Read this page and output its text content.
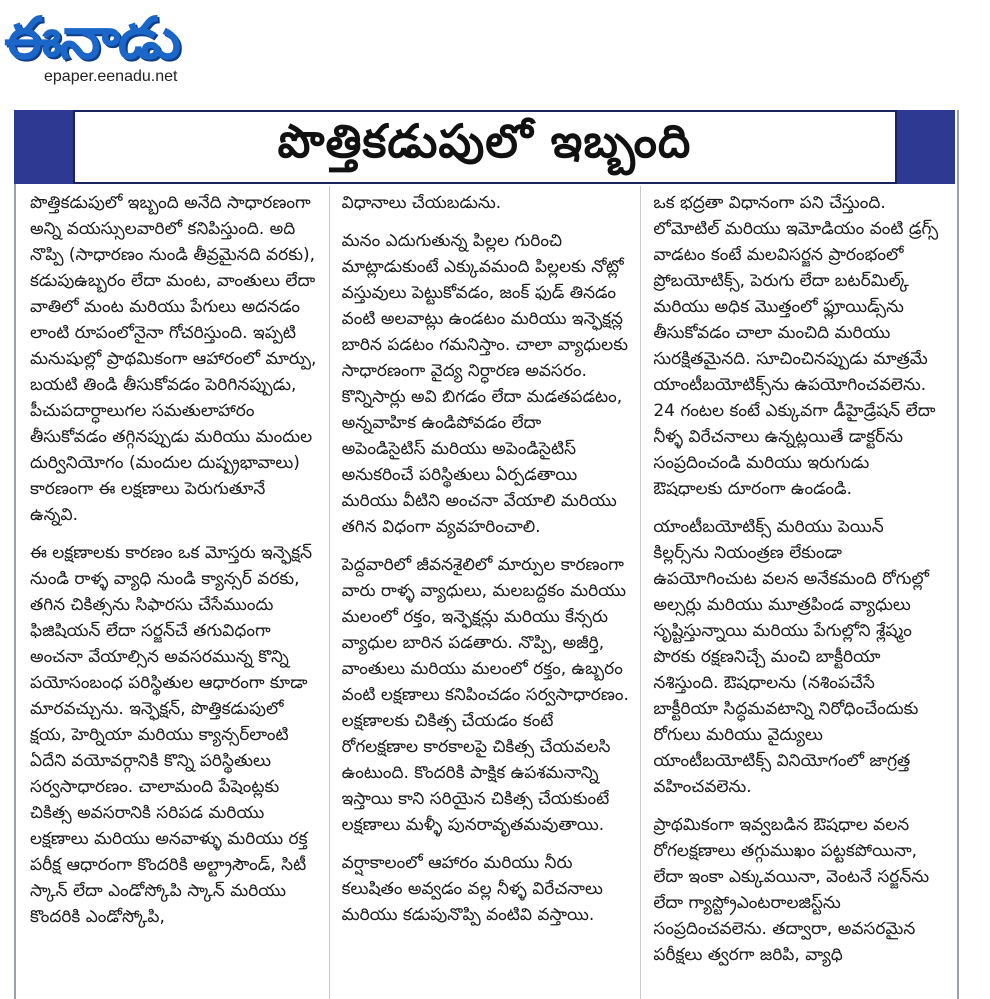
ఈనాడు
epaper.eenadu.net
పొత్తికడుపులో ఇబ్బంది

పొత్తికడుపులో ఇబ్బంది అనేది సాధారణంగా అన్ని వయస్సులవారిలో కనిపిస్తుంది. అది నొప్పి (సాధారణం నుండి తీవ్రమైనది వరకు), కడుపుఉబ్బరం లేదా మంట, వాంతులు లేదా వాతిలో మంట మరియు పేగులు అదనడం లాంటి రూపంలోనైనా గోచరిస్తుంది. ఇప్పటి మనుషుల్లో ప్రాథమికంగా ఆహారంలో మార్పు, బయటి తిండి తీసుకోవడం పెరిగినప్పుడు, పీచుపదార్ధాలుగల సమతులాహారం తీసుకోవడం తగ్గినప్పుడు మరియు మందుల దుర్వినియోగం (మందుల దుష్ప్రభావాలు) కారణంగా ఈ లక్షణాలు పెరుగుతూనే ఉన్నవి.

ఈ లక్షణాలకు కారణం ఒక మోస్తరు ఇన్ఫెక్షన్ నుండి రాళ్ళ వ్యాధి నుండి క్యాన్సర్ వరకు, తగిన చికిత్సను సిఫారసు చేసేముందు ఫిజిషియన్ లేదా సర్జన్‌చే తగువిధంగా అంచనా వేయాల్సిన అవసరమున్న కొన్ని పయోసంబంధ పరిస్థితుల ఆధారంగా కూడా మారవచ్చును. ఇన్ఫెక్షన్, పొత్తికడుపులో క్షయ, హెర్నియా మరియు క్యాన్సర్‌లాంటి ఏదేని వయోవర్గానికి కొన్ని పరిస్థితులు సర్వసాధారణం. చాలామంది పేషెంట్లకు చికిత్స అవసరానికి సరిపడ మరియు లక్షణాలు మరియు అనవాళ్ళు మరియు రక్త పరీక్ష ఆధారంగా కొందరికి అల్ట్రాసౌండ్, సిటీ స్కాన్ లేదా ఎండోస్కోపి స్కాన్ మరియు కొందరికి ఎండోస్కోపి,

విధానాలు చేయబడును.

మనం ఎదుగుతున్న పిల్లల గురించి మాట్లాడుకుంటే ఎక్కువమంది పిల్లలకు నోట్లో వస్తువులు పెట్టుకోవడం, జంక్ ఫుడ్ తినడం వంటి అలవాట్లు ఉండటం మరియు ఇన్ఫెక్షన్ల బారిన పడటం గమనిస్తాం. చాలా వ్యాధులకు సాధారణంగా వైద్య నిర్ధారణ అవసరం. కొన్నిసార్లు అవి బిగడం లేదా మడతపడటం, అన్నవాహిక ఉండిపోవడం లేదా అపెండిసైటిస్ మరియు అపెండిసైటిస్ అనుకరించే పరిస్థితులు ఏర్పడతాయి మరియు వీటిని అంచనా వేయాలి మరియు తగిన విధంగా వ్యవహరించాలి.

పెద్దవారిలో జీవనశైలిలో మార్పుల కారణంగా వారు రాళ్ళ వ్యాధులు, మలబద్దకం మరియు మలంలో రక్తం, ఇన్ఫెక్షన్లు మరియు కేన్సరు వ్యాధుల బారిన పడతారు. నొప్పి, అజీర్తి, వాంతులు మరియు మలంలో రక్తం, ఉబ్బరం వంటి లక్షణాలు కనిపించడం సర్వసాధారణం. లక్షణాలకు చికిత్స చేయడం కంటే రోగలక్షణాల కారకాలపై చికిత్స చేయవలసి ఉంటుంది. కొందరికి పాక్షిక ఉపశమనాన్ని ఇస్తాయి కాని సరియైన చికిత్స చేయకుంటే లక్షణాలు మళ్ళీ పునరావృతమవుతాయి.

వర్షాకాలంలో ఆహారం మరియు నీరు కలుషితం అవ్వడం వల్ల నీళ్ళ విరేచనాలు మరియు కడుపునొప్పి వంటివి వస్తాయి.

ఒక భద్రతా విధానంగా పని చేస్తుంది. లోమోటిల్ మరియు ఇమోడియం వంటి డ్రగ్స్ వాడటం కంటే మలవిసర్జన ప్రారంభంలో ప్రోబయోటిక్స్, పెరుగు లేదా బటర్‌మిల్క్ మరియు అధిక మొత్తంలో ఫ్లూయిడ్స్‌ను తీసుకోవడం చాలా మంచిది మరియు సురక్షితమైనది. సూచించినప్పుడు మాత్రమే యాంటీబయోటిక్స్‌ను ఉపయోగించవలెను. 24 గంటల కంటే ఎక్కువగా డీహైడ్రేషన్ లేదా నీళ్ళ విరేచనాలు ఉన్నట్లయితే డాక్టర్‌ను సంప్రదించండి మరియు ఇరుగుడు ఔషధాలకు దూరంగా ఉండండి.

యాంటీబయోటిక్స్ మరియు పెయిన్ కిల్లర్స్‌ను నియంత్రణ లేకుండా ఉపయోగించుట వలన అనేకమంది రోగుల్లో అల్సర్లు మరియు మూత్రపిండ వ్యాధులు సృష్టిస్తున్నాయి మరియు పేగుల్లోని శ్లేష్మం పొరకు రక్షణనిచ్చే మంచి బాక్టీరియా నశిస్తుంది. ఔషధాలను (నశింపచేసే బాక్టీరియా సిద్ధమవటాన్ని నిరోధించేందుకు రోగులు మరియు వైద్యులు యాంటీబయోటిక్స్ వినియోగంలో జాగ్రత్త వహించవలెను.

ప్రాథమికంగా ఇవ్వబడిన ఔషధాల వలన రోగలక్షణాలు తగ్గుముఖం పట్టకపోయినా, లేదా ఇంకా ఎక్కువయినా, వెంటనే సర్జన్‌ను లేదా గ్యాస్ట్రోఎంటరాలజిస్ట్‌ను సంప్రదించవలెను. తద్వారా, అవసరమైన పరీక్షలు త్వరగా జరిపి, వ్యాధి
